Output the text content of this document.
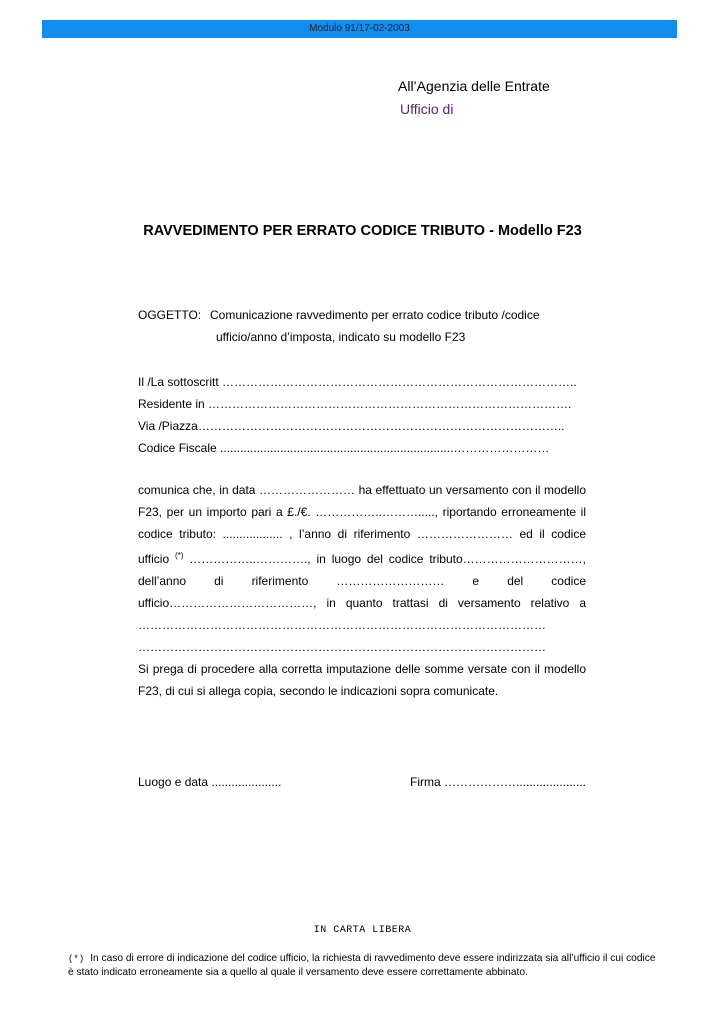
Modulo 91/17-02-2003
All’Agenzia delle Entrate
Ufficio di
RAVVEDIMENTO PER ERRATO CODICE TRIBUTO - Modello F23
OGGETTO: Comunicazione ravvedimento per errato codice tributo /codice
ufficio/anno d’imposta, indicato su modello F23
Il /La sottoscritt ……………………………………………………………………………..
Residente in ……………………………………………………………………………….
Via /Piazza………………………………………………………………………………..
Codice Fiscale ......................................................................……………………

comunica che, in data …………………… ha effettuato un versamento con il modello F23, per un importo pari a £./€. ……………..………....., riportando erroneamente il codice tributo: .................. , l’anno di riferimento …………………… ed il codice ufficio (*) ……………..…………., in luogo del codice tributo…………………………, dell’anno di riferimento ……………………… e del codice ufficio………………………………, in quanto trattasi di versamento relativo a ………………………………………………………………………………………… …………………………………………………………………………………………

Si prega di procedere alla corretta imputazione delle somme versate con il modello F23, di cui si allega copia, secondo le indicazioni sopra comunicate.

Luogo e data .....................	Firma ……………….....................
IN CARTA LIBERA
(*) In caso di errore di indicazione del codice ufficio, la richiesta di ravvedimento deve essere indirizzata sia all’ufficio il cui codice è stato indicato erroneamente sia a quello al quale il versamento deve essere correttamente abbinato.
